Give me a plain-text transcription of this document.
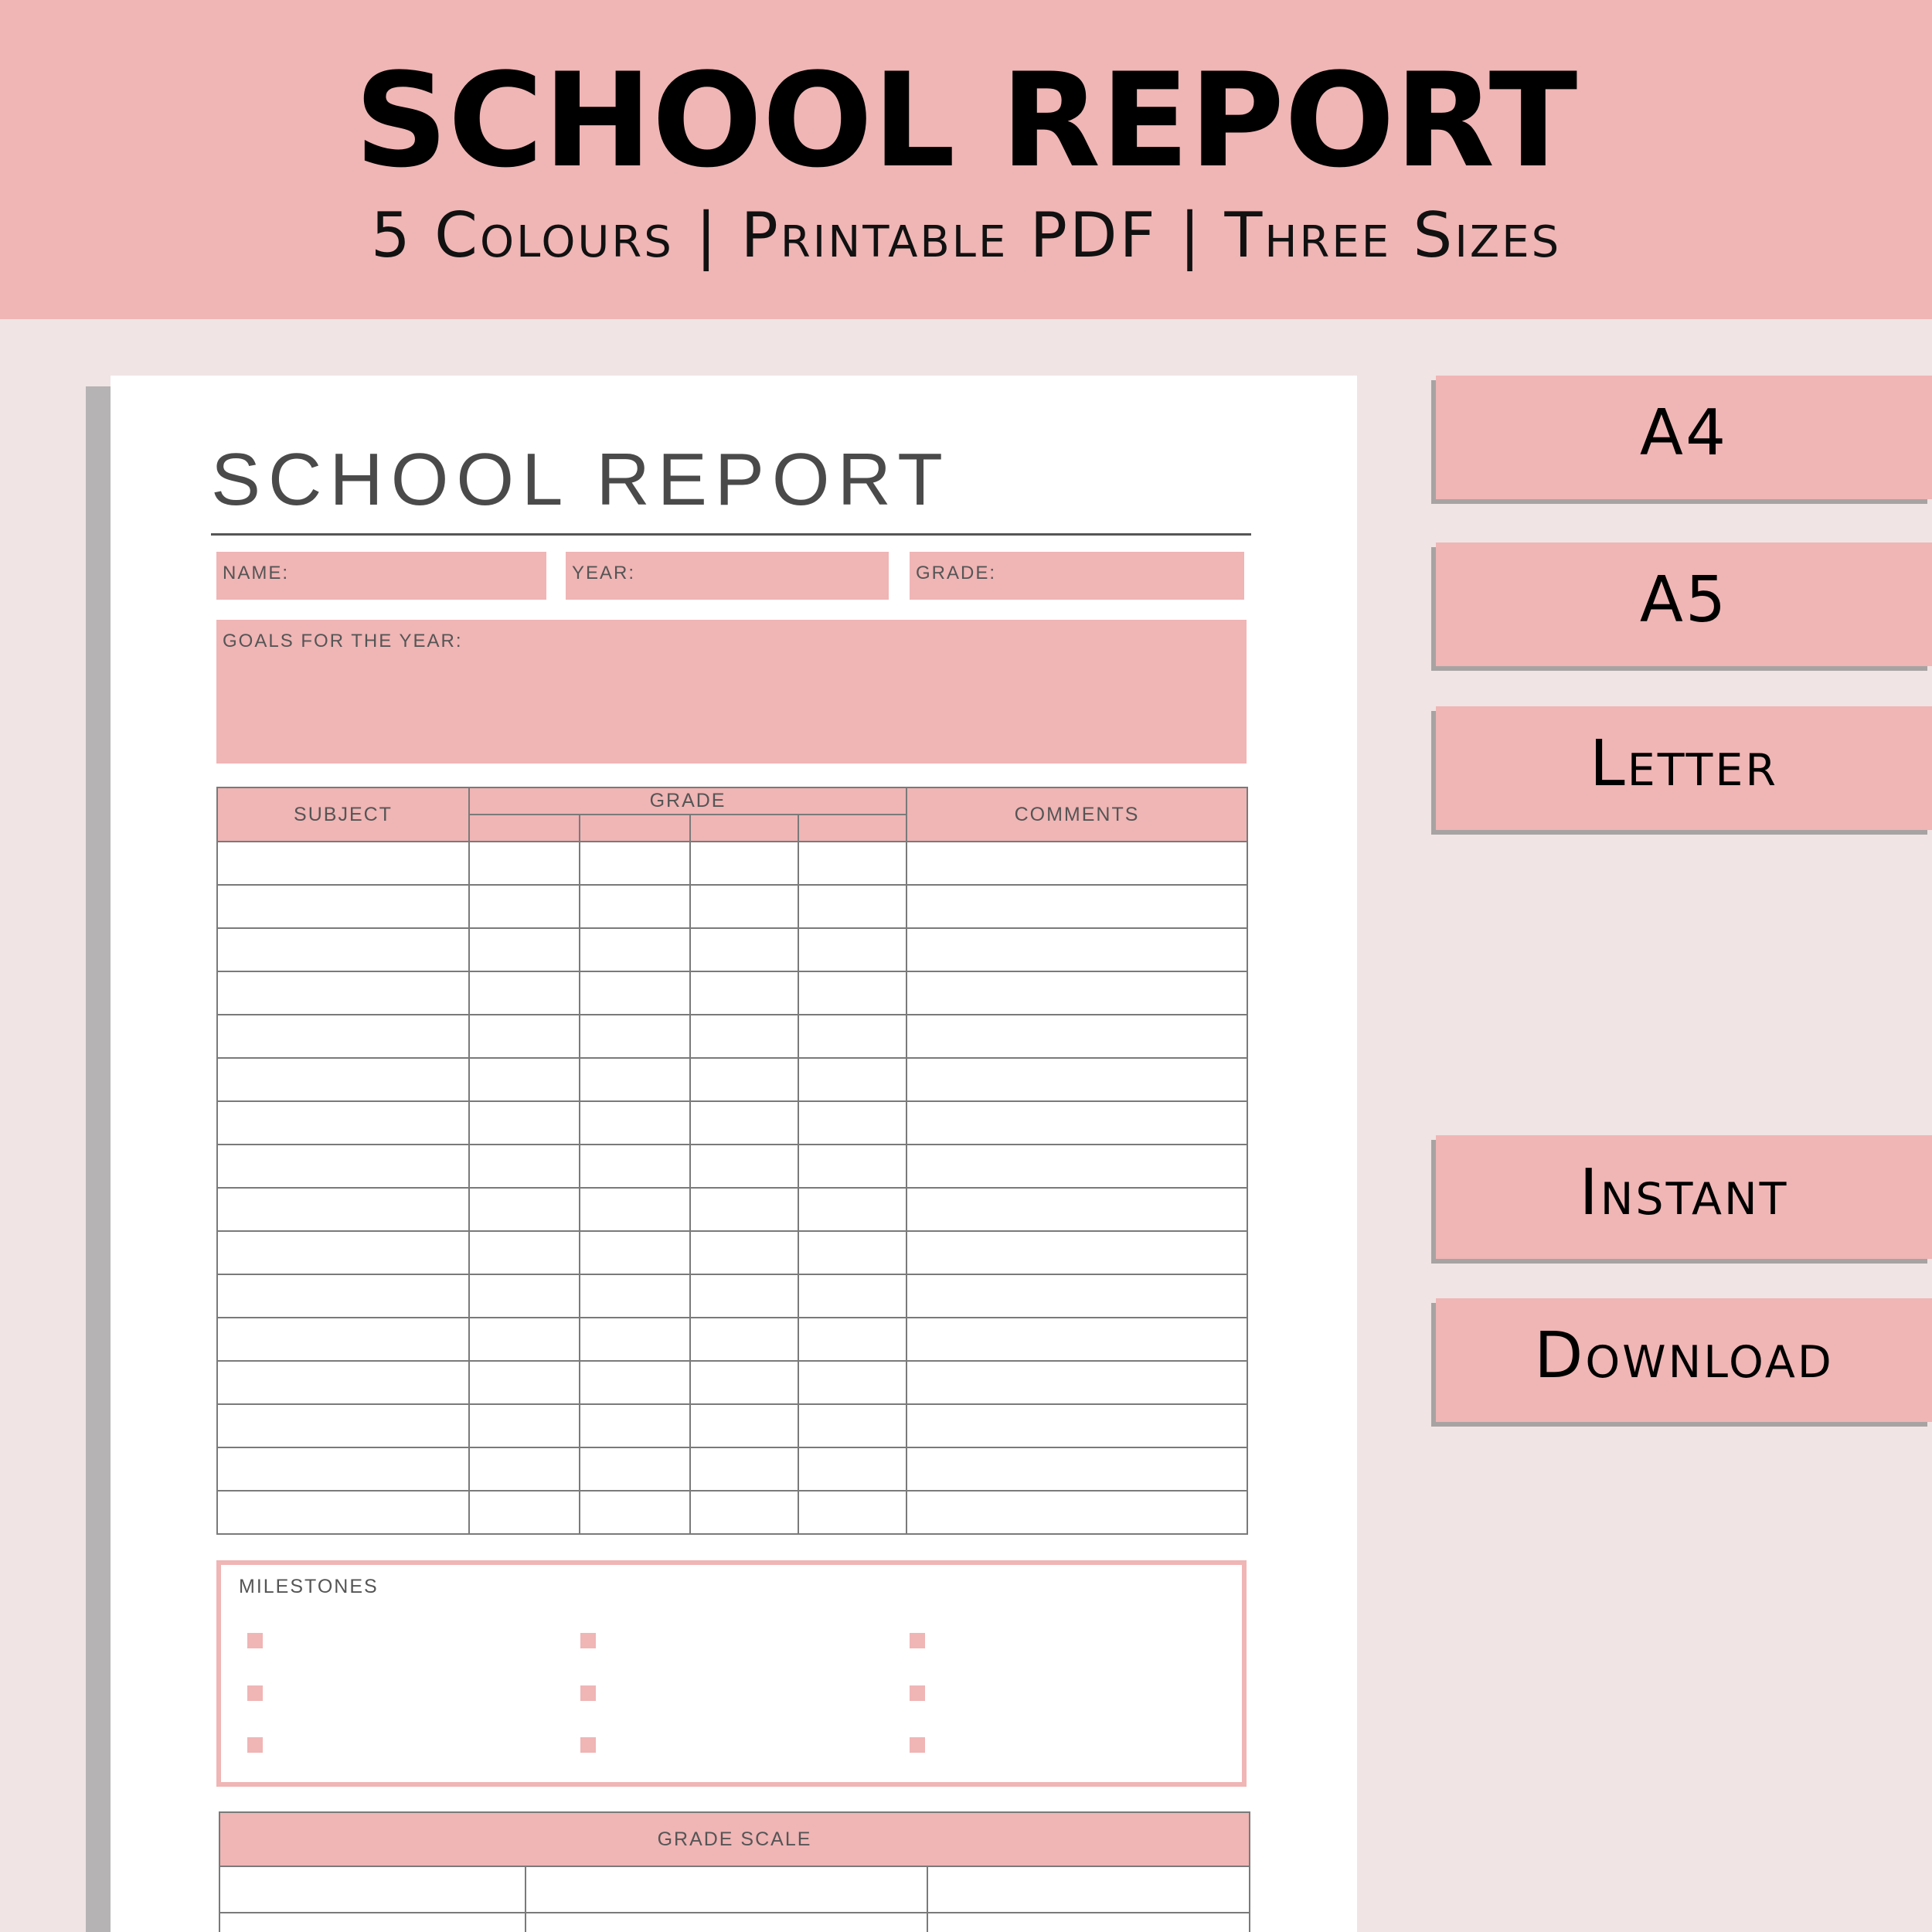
SCHOOL REPORT
5 Colours | Printable PDF | Three Sizes
SCHOOL REPORT
NAME:	YEAR:	GRADE:
GOALS FOR THE YEAR:
SUBJECT	GRADE				COMMENTS

MILESTONES
GRADE SCALE		

A4
A5
Letter
Instant
Download
